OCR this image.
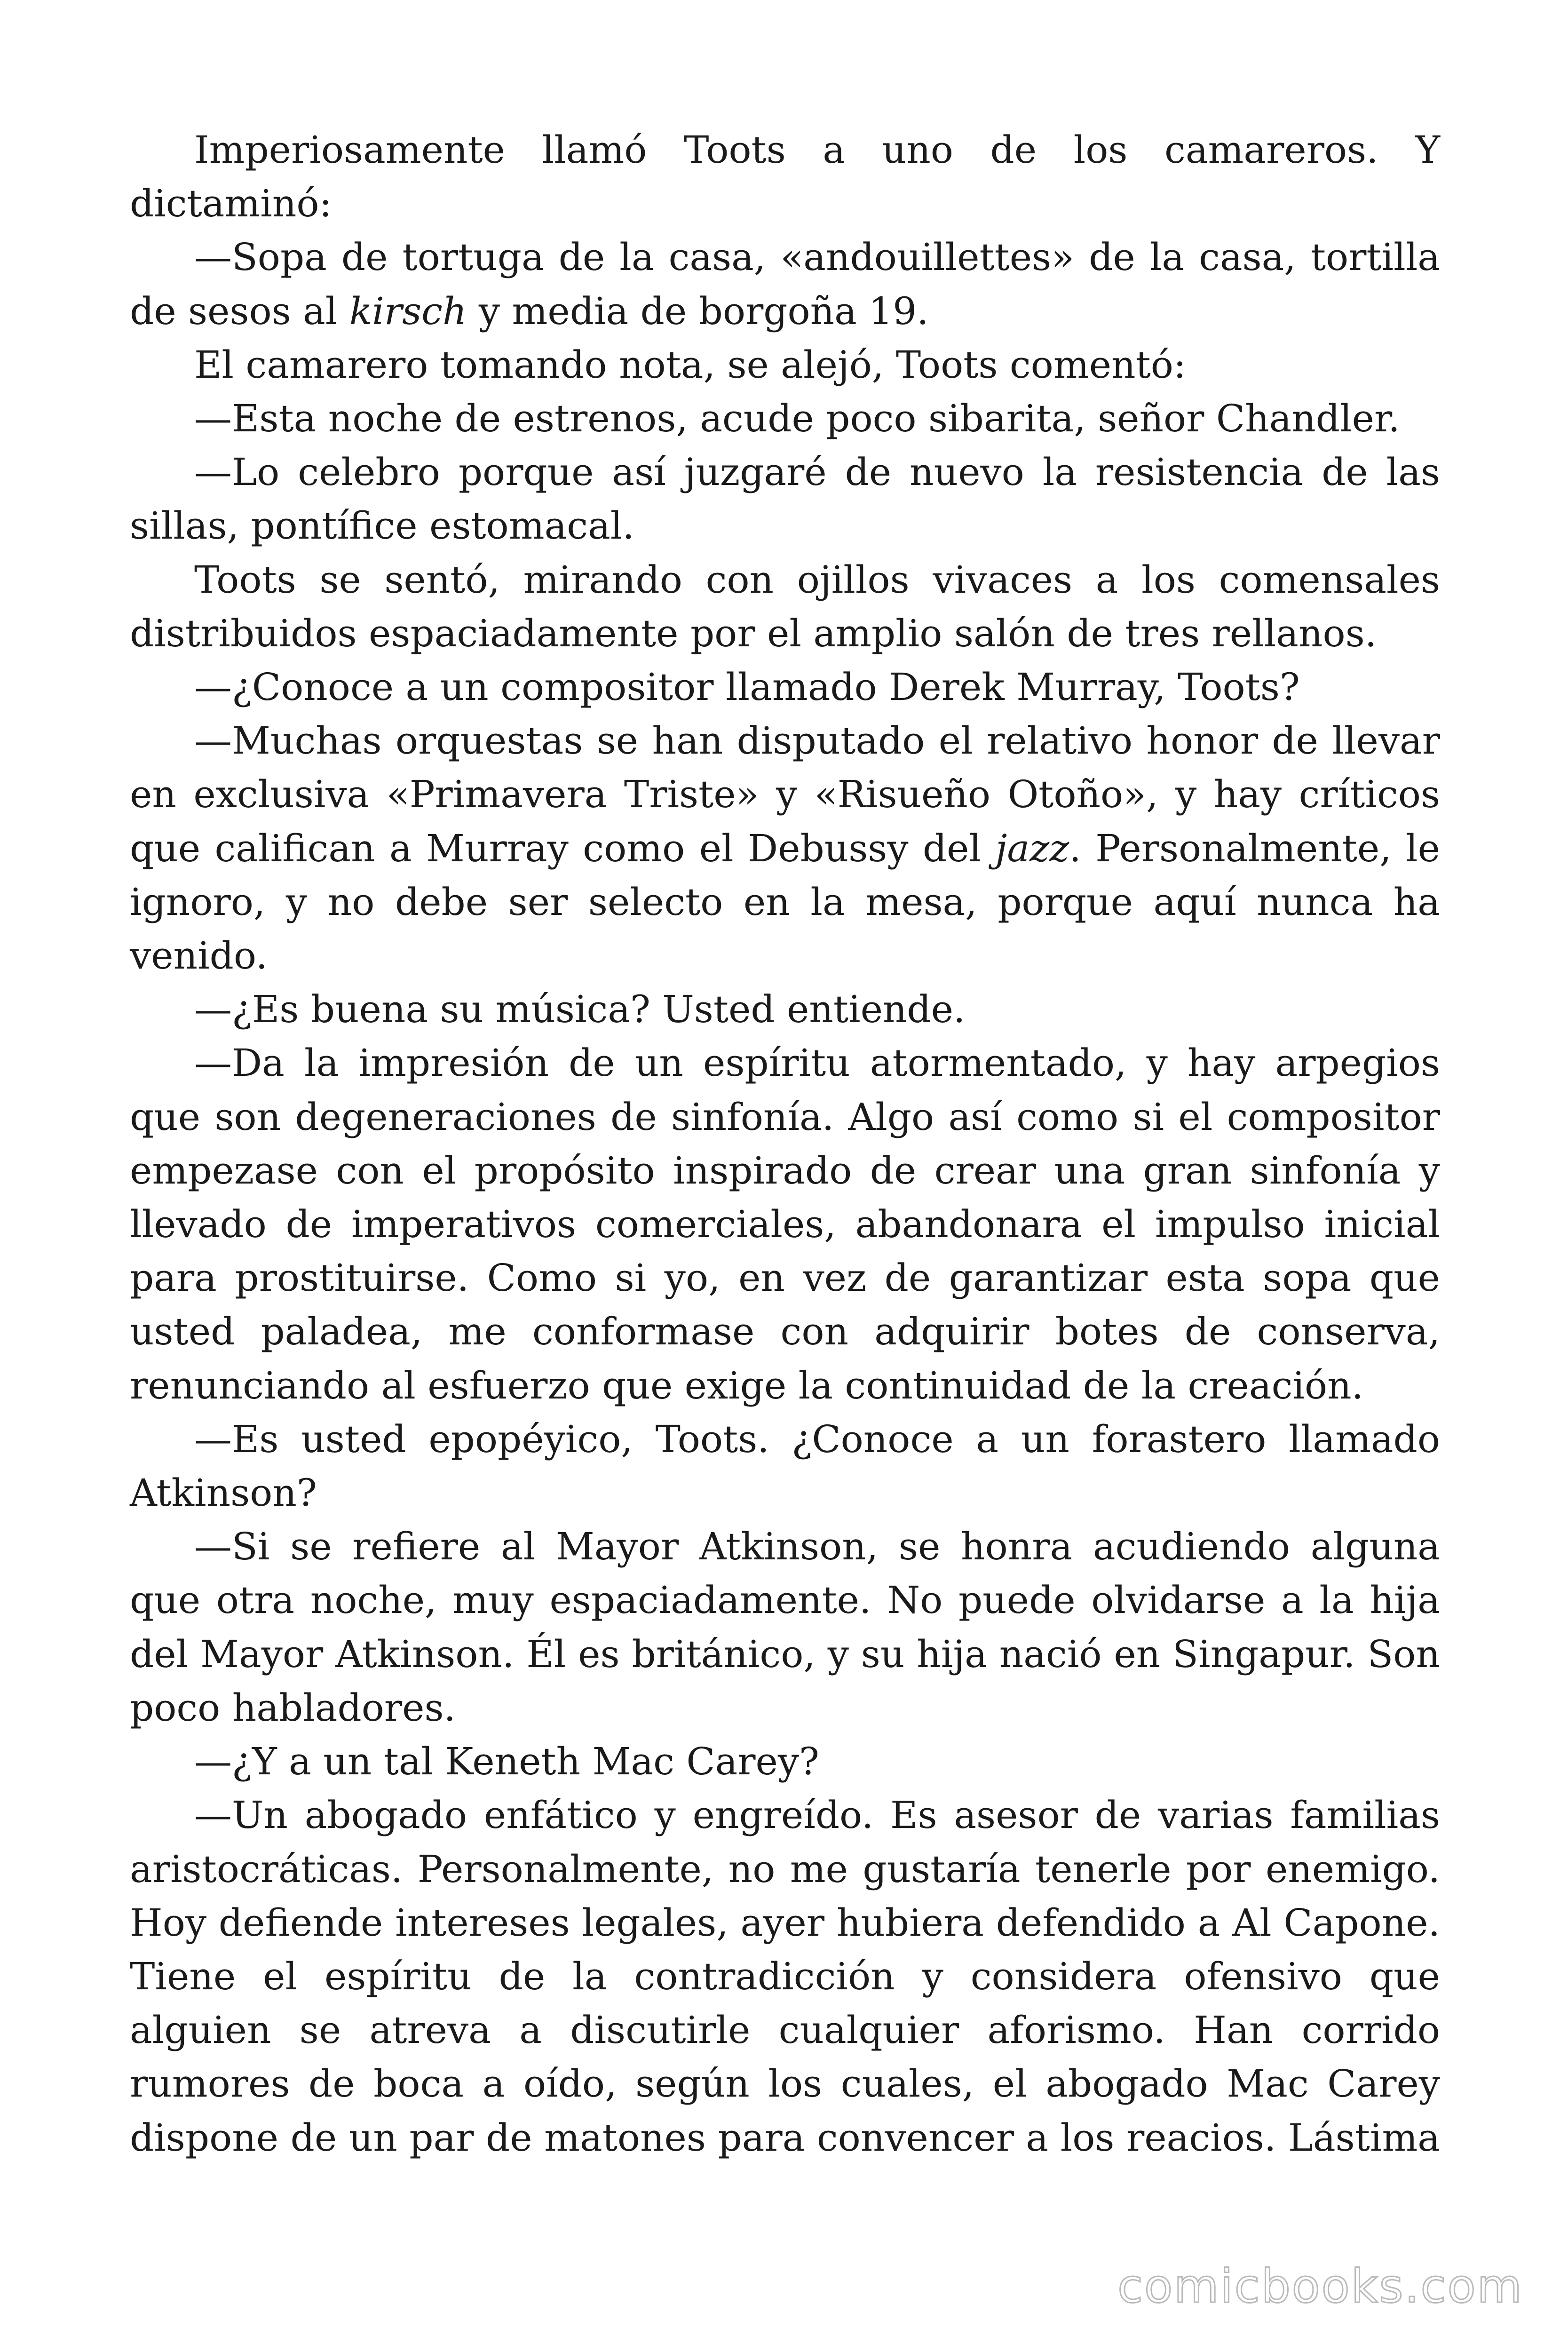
Imperiosamente llamó Toots a uno de los camareros. Y dictaminó:

—Sopa de tortuga de la casa, «andouillettes» de la casa, tortilla de sesos al kirsch y media de borgoña 19.

El camarero tomando nota, se alejó, Toots comentó:

—Esta noche de estrenos, acude poco sibarita, señor Chandler.

—Lo celebro porque así juzgaré de nuevo la resistencia de las sillas, pontífice estomacal.

Toots se sentó, mirando con ojillos vivaces a los comensales distribuidos espaciadamente por el amplio salón de tres rellanos.

—¿Conoce a un compositor llamado Derek Murray, Toots?

—Muchas orquestas se han disputado el relativo honor de llevar en exclusiva «Primavera Triste» y «Risueño Otoño», y hay críticos que califican a Murray como el Debussy del jazz. Personalmente, le ignoro, y no debe ser selecto en la mesa, porque aquí nunca ha venido.

—¿Es buena su música? Usted entiende.

—Da la impresión de un espíritu atormentado, y hay arpegios que son degeneraciones de sinfonía. Algo así como si el compositor empezase con el propósito inspirado de crear una gran sinfonía y llevado de imperativos comerciales, abandonara el impulso inicial para prostituirse. Como si yo, en vez de garantizar esta sopa que usted paladea, me conformase con adquirir botes de conserva, renunciando al esfuerzo que exige la continuidad de la creación.

—Es usted epopéyico, Toots. ¿Conoce a un forastero llamado Atkinson?

—Si se refiere al Mayor Atkinson, se honra acudiendo alguna que otra noche, muy espaciadamente. No puede olvidarse a la hija del Mayor Atkinson. Él es británico, y su hija nació en Singapur. Son poco habladores.

—¿Y a un tal Keneth Mac Carey?

—Un abogado enfático y engreído. Es asesor de varias familias aristocráticas. Personalmente, no me gustaría tenerle por enemigo. Hoy defiende intereses legales, ayer hubiera defendido a Al Capone. Tiene el espíritu de la contradicción y considera ofensivo que alguien se atreva a discutirle cualquier aforismo. Han corrido rumores de boca a oído, según los cuales, el abogado Mac Carey dispone de un par de matones para convencer a los reacios. Lástima

comicbooks.com
